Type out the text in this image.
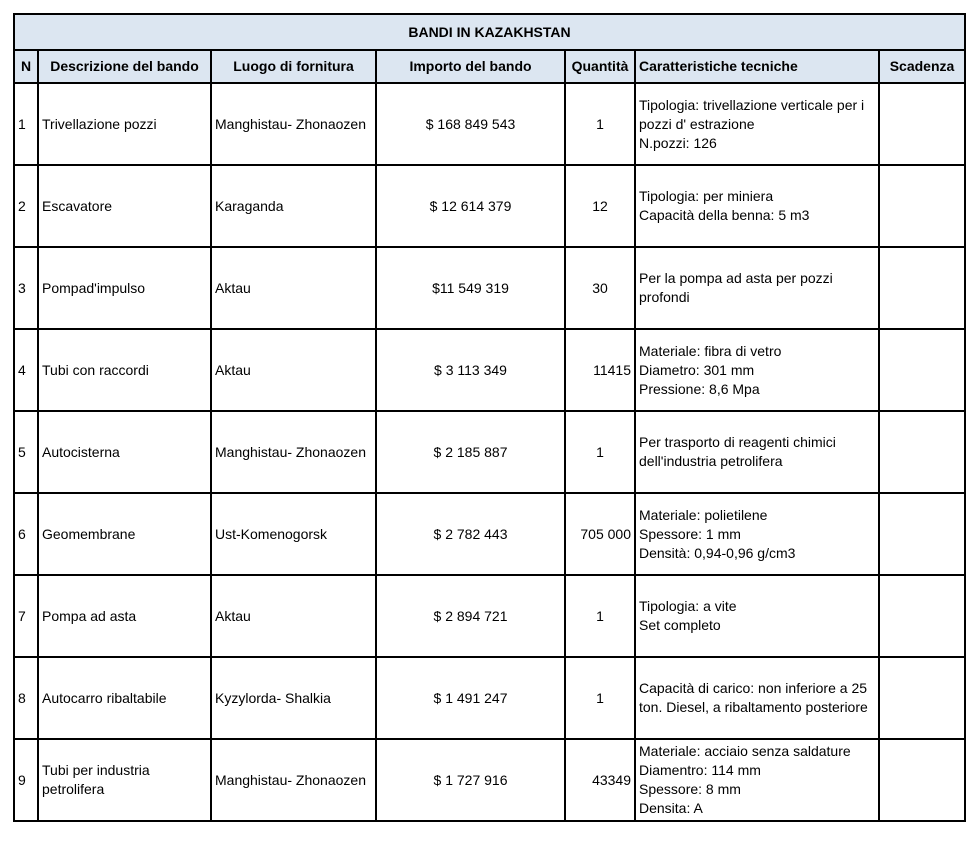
BANDI IN KAZAKHSTAN						
N	Descrizione del bando	Luogo di fornitura	Importo del bando	Quantità	Caratteristiche tecniche	Scadenza
1	Trivellazione pozzi	Manghistau- Zhonaozen	$ 168 849 543	1	Tipologia: trivellazione verticale per i pozzi d' estrazione
N.pozzi: 126	

2	Escavatore	Karaganda	$ 12 614 379	12	Tipologia: per miniera
Capacità della benna: 5 m3	

3	Pompad'impulso	Aktau	$11 549 319	30	Per la pompa ad asta per pozzi profondi	

4	Tubi con raccordi	Aktau	$ 3 113 349	11415	Materiale: fibra di vetro
Diametro: 301 mm
Pressione: 8,6 Mpa	

5	Autocisterna	Manghistau- Zhonaozen	$ 2 185 887	1	Per trasporto di reagenti chimici dell'industria petrolifera	

6	Geomembrane	Ust-Komenogorsk	$ 2 782 443	705 000	Materiale: polietilene
Spessore: 1 mm
Densità: 0,94-0,96 g/cm3	

7	Pompa ad asta	Aktau	$ 2 894 721	1	Tipologia: a vite
Set completo	

8	Autocarro ribaltabile	Kyzylorda- Shalkia	$ 1 491 247	1	Capacità di carico: non inferiore a 25 ton. Diesel, a ribaltamento posteriore	

9	Tubi per industria petrolifera	Manghistau- Zhonaozen	$ 1 727 916	43349	Materiale: acciaio senza saldature
Diamentro: 114 mm
Spessore: 8 mm
Densita: A	
